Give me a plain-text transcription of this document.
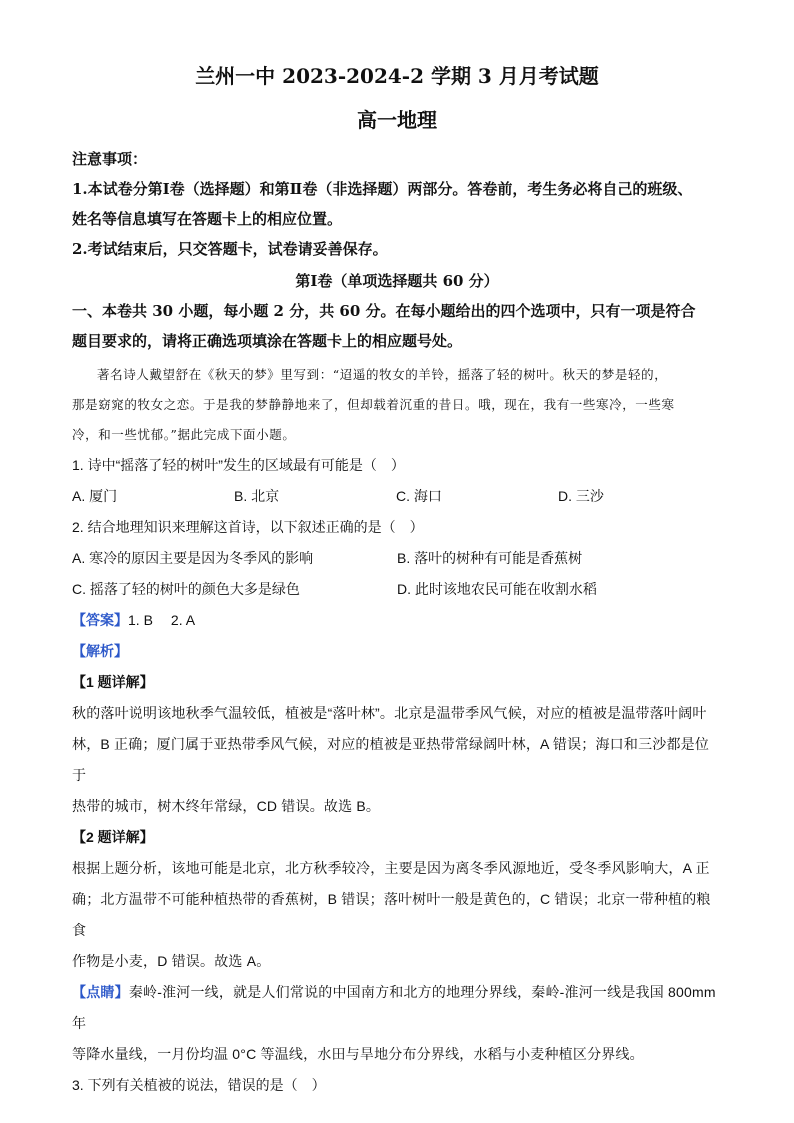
兰州一中 2023-2024-2 学期 3 月月考试题
高一地理
注意事项：
1.本试卷分第Ⅰ卷（选择题）和第Ⅱ卷（非选择题）两部分。答卷前，考生务必将自己的班级、
姓名等信息填写在答题卡上的相应位置。
2.考试结束后，只交答题卡，试卷请妥善保存。
第Ⅰ卷（单项选择题共 60 分）
一、本卷共 30 小题，每小题 2 分，共 60 分。在每小题给出的四个选项中，只有一项是符合
题目要求的，请将正确选项填涂在答题卡上的相应题号处。
著名诗人戴望舒在《秋天的梦》里写到：“迢遥的牧女的羊铃，摇落了轻的树叶。秋天的梦是轻的，
那是窈窕的牧女之恋。于是我的梦静静地来了，但却载着沉重的昔日。哦，现在，我有一些寒冷，一些寒
冷，和一些忧郁。”据此完成下面小题。
1. 诗中“摇落了轻的树叶”发生的区域最有可能是（　）
A. 厦门	B. 北京	C. 海口	D. 三沙
2. 结合地理知识来理解这首诗，以下叙述正确的是（　）
A. 寒冷的原因主要是因为冬季风的影响	B. 落叶的树种有可能是香蕉树
C. 摇落了轻的树叶的颜色大多是绿色	D. 此时该地农民可能在收割水稻
【答案】1. B 2. A
【解析】
【1 题详解】
秋的落叶说明该地秋季气温较低，植被是“落叶林”。北京是温带季风气候，对应的植被是温带落叶阔叶
林，B 正确；厦门属于亚热带季风气候，对应的植被是亚热带常绿阔叶林，A 错误；海口和三沙都是位于
热带的城市，树木终年常绿，CD 错误。故选 B。
【2 题详解】
根据上题分析，该地可能是北京，北方秋季较冷，主要是因为离冬季风源地近，受冬季风影响大，A 正
确；北方温带不可能种植热带的香蕉树，B 错误；落叶树叶一般是黄色的，C 错误；北京一带种植的粮食
作物是小麦，D 错误。故选 A。
【点睛】秦岭-淮河一线，就是人们常说的中国南方和北方的地理分界线，秦岭-淮河一线是我国 800mm 年
等降水量线，一月份均温 0°C 等温线，水田与旱地分布分界线，水稻与小麦种植区分界线。
3. 下列有关植被的说法，错误的是（　）
